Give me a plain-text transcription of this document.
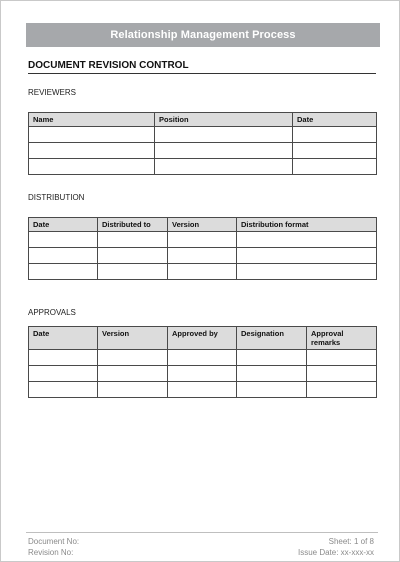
Relationship Management Process
DOCUMENT REVISION CONTROL
REVIEWERS
Name	Position	Date

DISTRIBUTION
Date	Distributed to	Version	Distribution format

APPROVALS
Date	Version	Approved by	Designation	Approval remarks

Document No:
Revision No:
Sheet: 1 of 8
Issue Date: xx-xxx-xx
